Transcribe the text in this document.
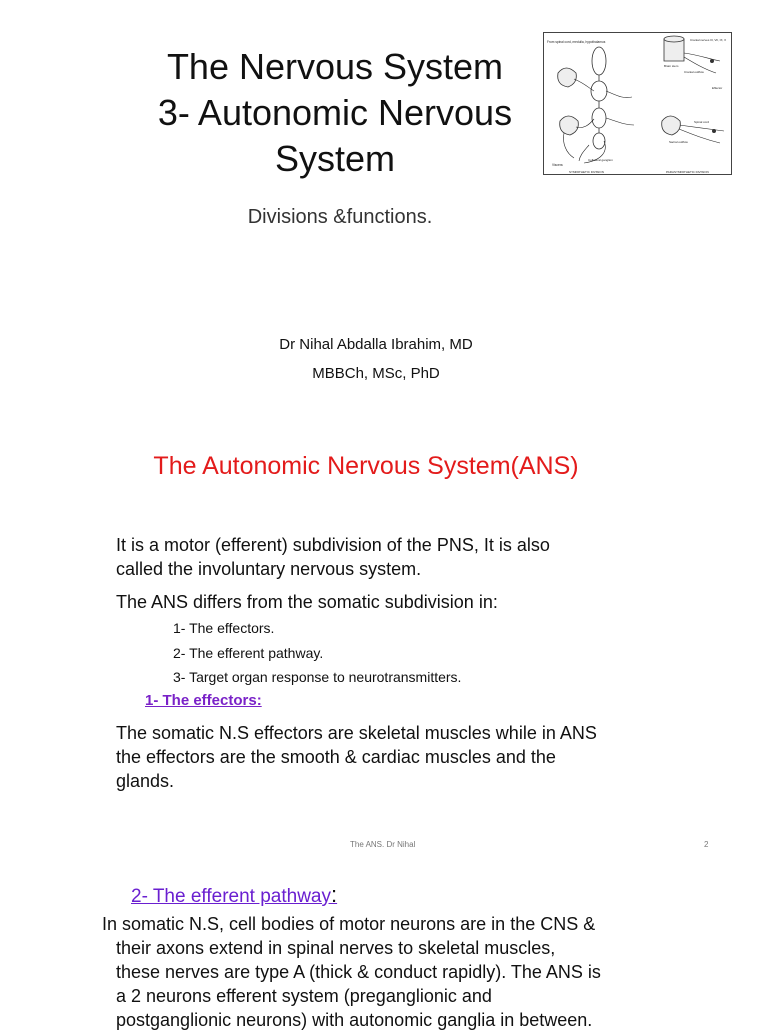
The Nervous System
3- Autonomic Nervous
System
From spinal cord, medulla, hypothalamus
Viscera
Collateral ganglion
SYMPATHETIC DIVISION
Cranial nerves III, VII, IX, X
Brain stem
Cranial outflow
Effector
Spinal cord
Sacral outflow
PARASYMPATHETIC DIVISION
Divisions &functions.
Dr Nihal Abdalla Ibrahim, MD
MBBCh, MSc, PhD
The Autonomic Nervous System(ANS)
It is a motor (efferent) subdivision of the PNS, It is also
called the involuntary nervous system.
The ANS differs from the somatic subdivision in:
1- The effectors.
2- The efferent pathway.
3- Target organ response to neurotransmitters.
1- The effectors:
The somatic N.S effectors are skeletal muscles while in ANS
the effectors are the smooth & cardiac muscles and the
glands.
The ANS. Dr Nihal	2
2- The efferent pathway:
In somatic N.S, cell bodies of motor neurons are in the CNS &
their axons extend in spinal nerves to skeletal muscles,
these nerves are type A (thick & conduct rapidly). The ANS is
a 2 neurons efferent system (preganglionic and
postganglionic neurons) with autonomic ganglia in between.
